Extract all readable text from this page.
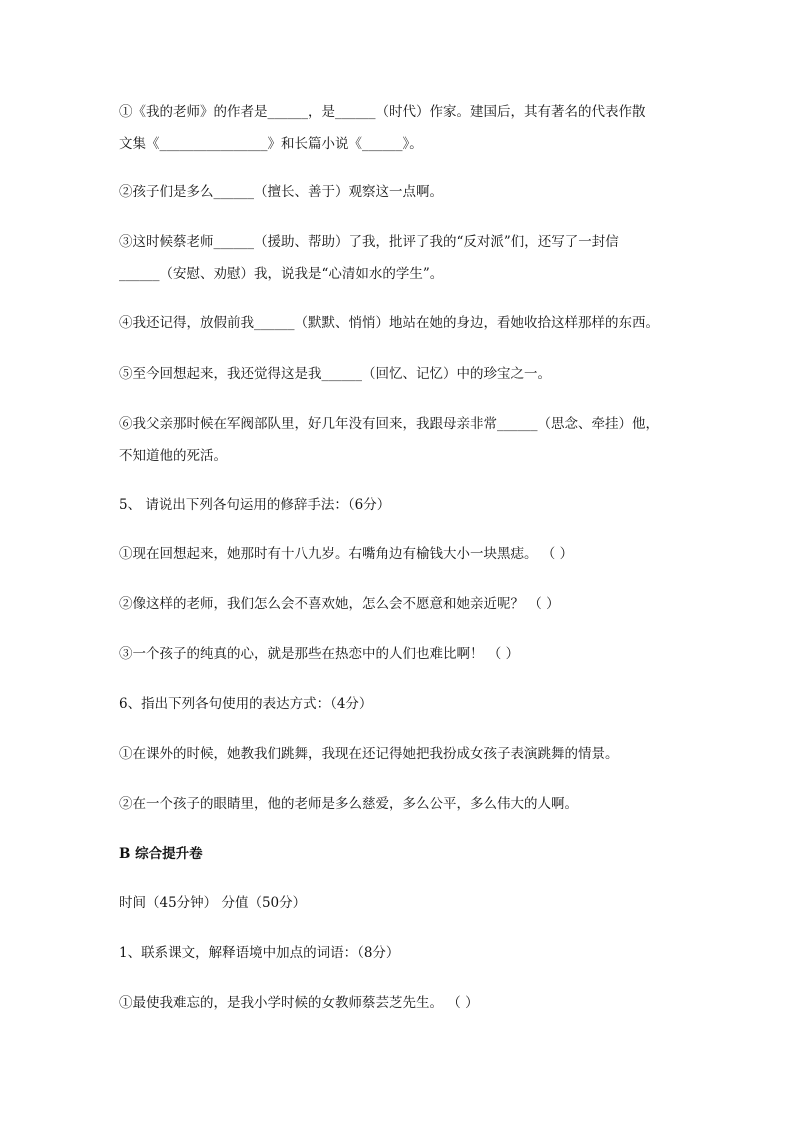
①《我的老师》的作者是______，是______（时代）作家。建国后，其有著名的代表作散
文集《________________》和长篇小说《______》。

②孩子们是多么______（擅长、善于）观察这一点啊。

③这时候蔡老师______（援助、帮助）了我，批评了我的“反对派”们，还写了一封信
______（安慰、劝慰）我，说我是“心清如水的学生”。

④我还记得，放假前我______（默默、悄悄）地站在她的身边，看她收拾这样那样的东西。

⑤至今回想起来，我还觉得这是我______（回忆、记忆）中的珍宝之一。

⑥我父亲那时候在军阀部队里，好几年没有回来，我跟母亲非常______（思念、牵挂）他，
不知道他的死活。

5、 请说出下列各句运用的修辞手法：（6分）

①现在回想起来，她那时有十八九岁。右嘴角边有榆钱大小一块黑痣。 （ ）

②像这样的老师，我们怎么会不喜欢她，怎么会不愿意和她亲近呢？ （ ）

③一个孩子的纯真的心，就是那些在热恋中的人们也难比啊！ （ ）

6、指出下列各句使用的表达方式：（4分）

①在课外的时候，她教我们跳舞，我现在还记得她把我扮成女孩子表演跳舞的情景。

②在一个孩子的眼睛里，他的老师是多么慈爱，多么公平，多么伟大的人啊。

B 综合提升卷

时间（45分钟） 分值（50分）

1、联系课文，解释语境中加点的词语：（8分）

①最使我难忘的，是我小学时候的女教师蔡芸芝先生。 （ ）
